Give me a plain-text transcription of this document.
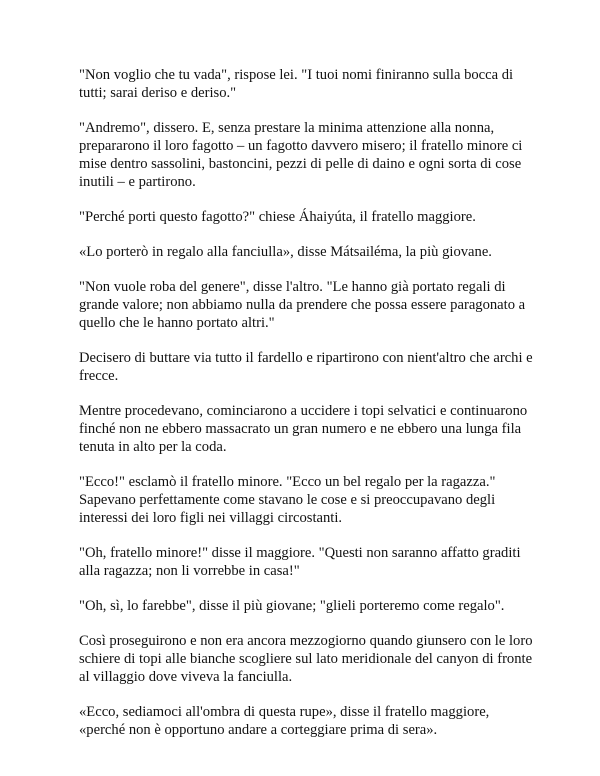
"Non voglio che tu vada", rispose lei. "I tuoi nomi finiranno sulla bocca di tutti; sarai deriso e deriso."

"Andremo", dissero. E, senza prestare la minima attenzione alla nonna, prepararono il loro fagotto – un fagotto davvero misero; il fratello minore ci mise dentro sassolini, bastoncini, pezzi di pelle di daino e ogni sorta di cose inutili – e partirono.

"Perché porti questo fagotto?" chiese Áhaiyúta, il fratello maggiore.

«Lo porterò in regalo alla fanciulla», disse Mátsailéma, la più giovane.

"Non vuole roba del genere", disse l'altro. "Le hanno già portato regali di grande valore; non abbiamo nulla da prendere che possa essere paragonato a quello che le hanno portato altri."

Decisero di buttare via tutto il fardello e ripartirono con nient'altro che archi e frecce.

Mentre procedevano, cominciarono a uccidere i topi selvatici e continuarono finché non ne ebbero massacrato un gran numero e ne ebbero una lunga fila tenuta in alto per la coda.

"Ecco!" esclamò il fratello minore. "Ecco un bel regalo per la ragazza." Sapevano perfettamente come stavano le cose e si preoccupavano degli interessi dei loro figli nei villaggi circostanti.

"Oh, fratello minore!" disse il maggiore. "Questi non saranno affatto graditi alla ragazza; non li vorrebbe in casa!"

"Oh, sì, lo farebbe", disse il più giovane; "glieli porteremo come regalo".

Così proseguirono e non era ancora mezzogiorno quando giunsero con le loro schiere di topi alle bianche scogliere sul lato meridionale del canyon di fronte al villaggio dove viveva la fanciulla.

«Ecco, sediamoci all'ombra di questa rupe», disse il fratello maggiore, «perché non è opportuno andare a corteggiare prima di sera».
